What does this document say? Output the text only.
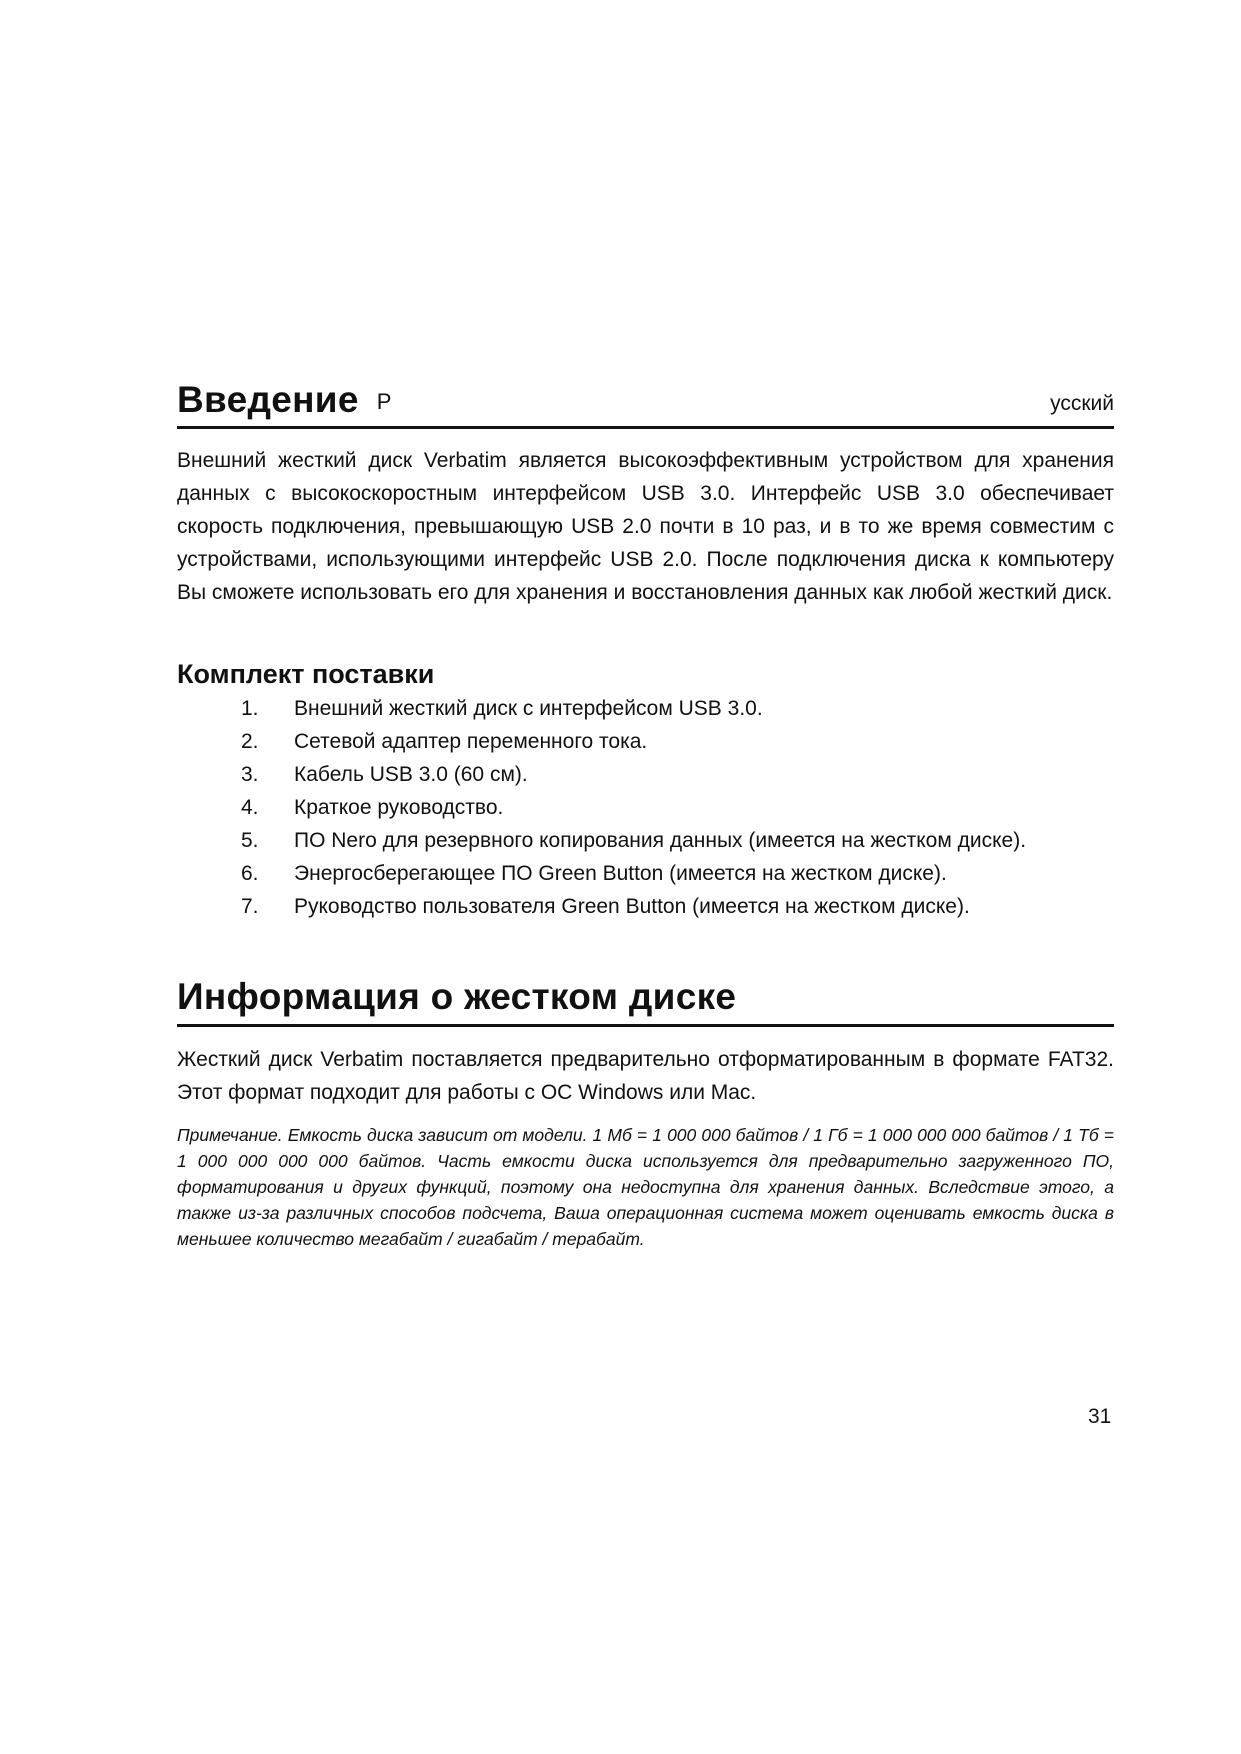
Введение Р	усский

Внешний жесткий диск Verbatim является высокоэффективным устройством для хранения данных с высокоскоростным интерфейсом USB 3.0. Интерфейс USB 3.0 обеспечивает скорость подключения, превышающую USB 2.0 почти в 10 раз, и в то же время совместим с устройствами, использующими интерфейс USB 2.0. После подключения диска к компьютеру Вы сможете использовать его для хранения и восстановления данных как любой жесткий диск.

Комплект поставки
1. Внешний жесткий диск с интерфейсом USB 3.0.
2. Сетевой адаптер переменного тока.
3. Кабель USB 3.0 (60 см).
4. Краткое руководство.
5. ПО Nero для резервного копирования данных (имеется на жестком диске).
6. Энергосберегающее ПО Green Button (имеется на жестком диске).
7. Руководство пользователя Green Button (имеется на жестком диске).
Информация о жестком диске

Жесткий диск Verbatim поставляется предварительно отформатированным в формате FAT32. Этот формат подходит для работы с ОС Windows или Mac.

Примечание. Емкость диска зависит от модели. 1 Мб = 1 000 000 байтов / 1 Гб = 1 000 000 000 байтов / 1 Тб = 1 000 000 000 000 байтов. Часть емкости диска используется для предварительно загруженного ПО, форматирования и других функций, поэтому она недоступна для хранения данных. Вследствие этого, а также из-за различных способов подсчета, Ваша операционная система может оценивать емкость диска в меньшее количество мегабайт / гигабайт / терабайт.

31
